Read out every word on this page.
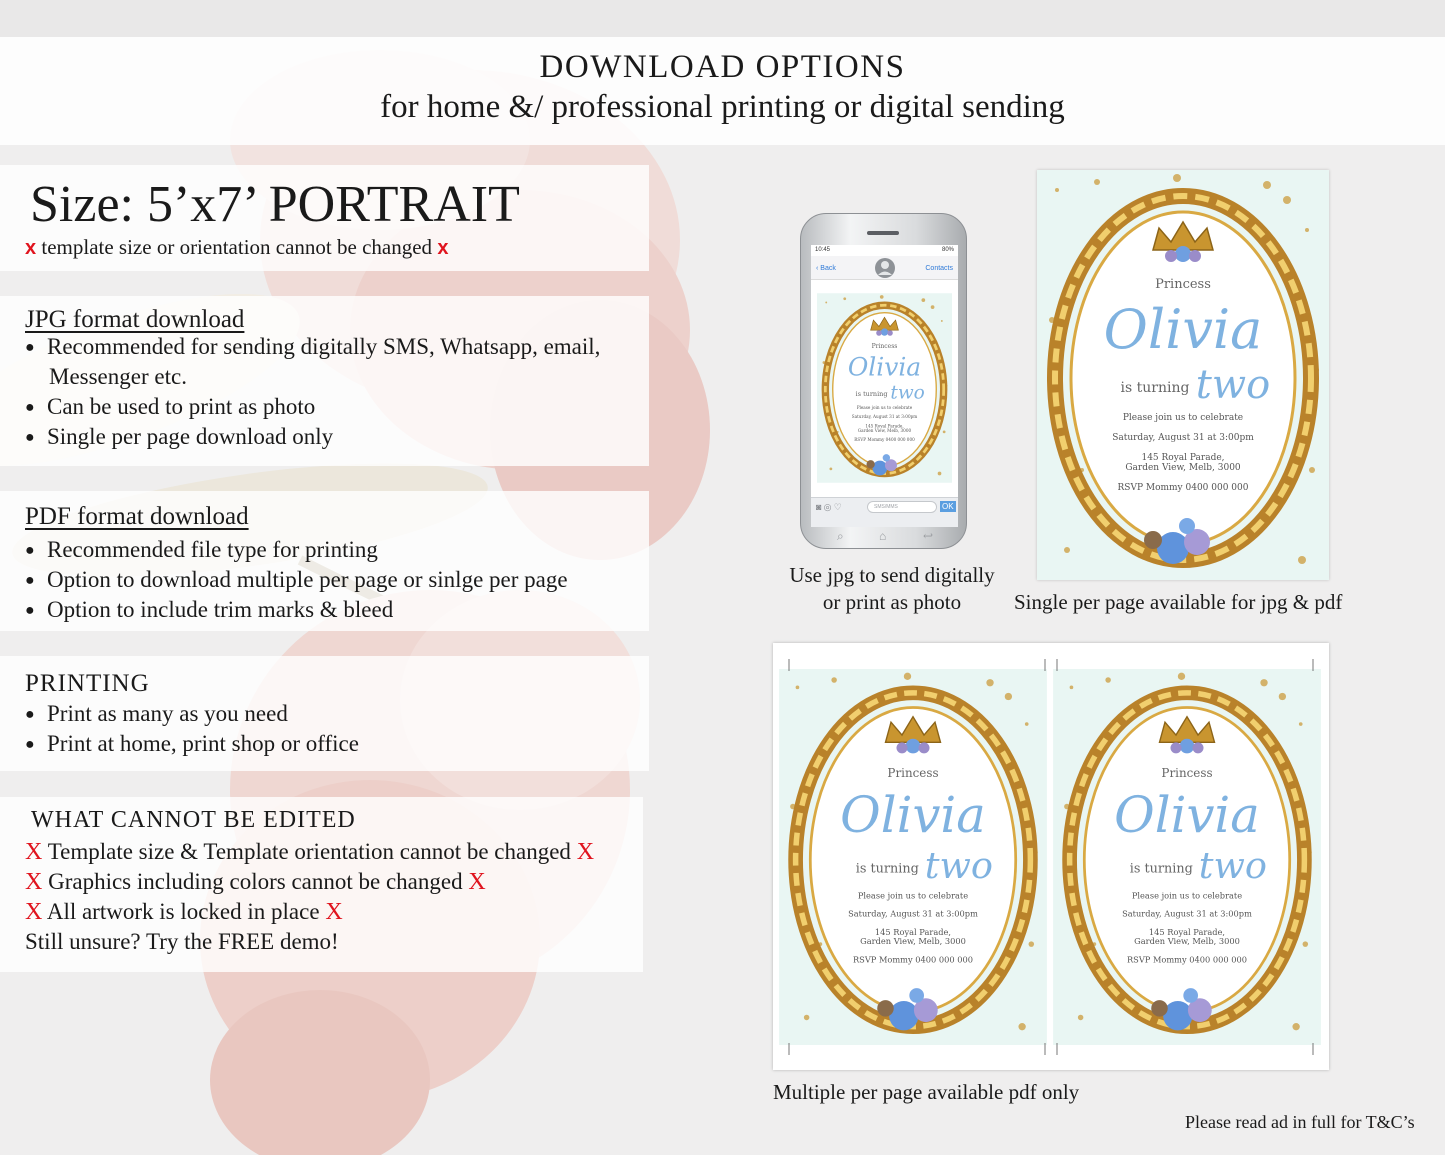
DOWNLOAD OPTIONS
for home &/ professional printing or digital sending
Size: 5’x7’ PORTRAIT
x template size or orientation cannot be changed x
JPG format download
● Recommended for sending digitally SMS, Whatsapp, email,
Messenger etc.
● Can be used to print as photo
● Single per page download only
PDF format download
● Recommended file type for printing
● Option to download multiple per page or sinlge per page
● Option to include trim marks & bleed
PRINTING
● Print as many as you need
● Print at home, print shop or office
WHAT CANNOT BE EDITED
X Template size & Template orientation cannot be changed X
X Graphics including colors cannot be changed X
X All artwork is locked in place X
Still unsure? Try the FREE demo!
10:45	80%
‹ Back	Contacts
Princess
Olivia
is turning two
Please join us to celebrate
Saturday, August 31 at 3:00pm
145 Royal Parade,
Garden View, Melb, 3000
RSVP Mommy 0400 000 000
◙ ◎ ♡	SMS/MMS	OK
⌕	⌂	↩
Use jpg to send digitally
or print as photo
Princess
Olivia
is turning two
Please join us to celebrate
Saturday, August 31 at 3:00pm
145 Royal Parade,
Garden View, Melb, 3000
RSVP Mommy 0400 000 000
Single per page available for jpg & pdf
Princess
Olivia
is turning two
Please join us to celebrate
Saturday, August 31 at 3:00pm
145 Royal Parade,
Garden View, Melb, 3000
RSVP Mommy 0400 000 000
Princess
Olivia
is turning two
Please join us to celebrate
Saturday, August 31 at 3:00pm
145 Royal Parade,
Garden View, Melb, 3000
RSVP Mommy 0400 000 000
Multiple per page available pdf only
Please read ad in full for T&C’s
